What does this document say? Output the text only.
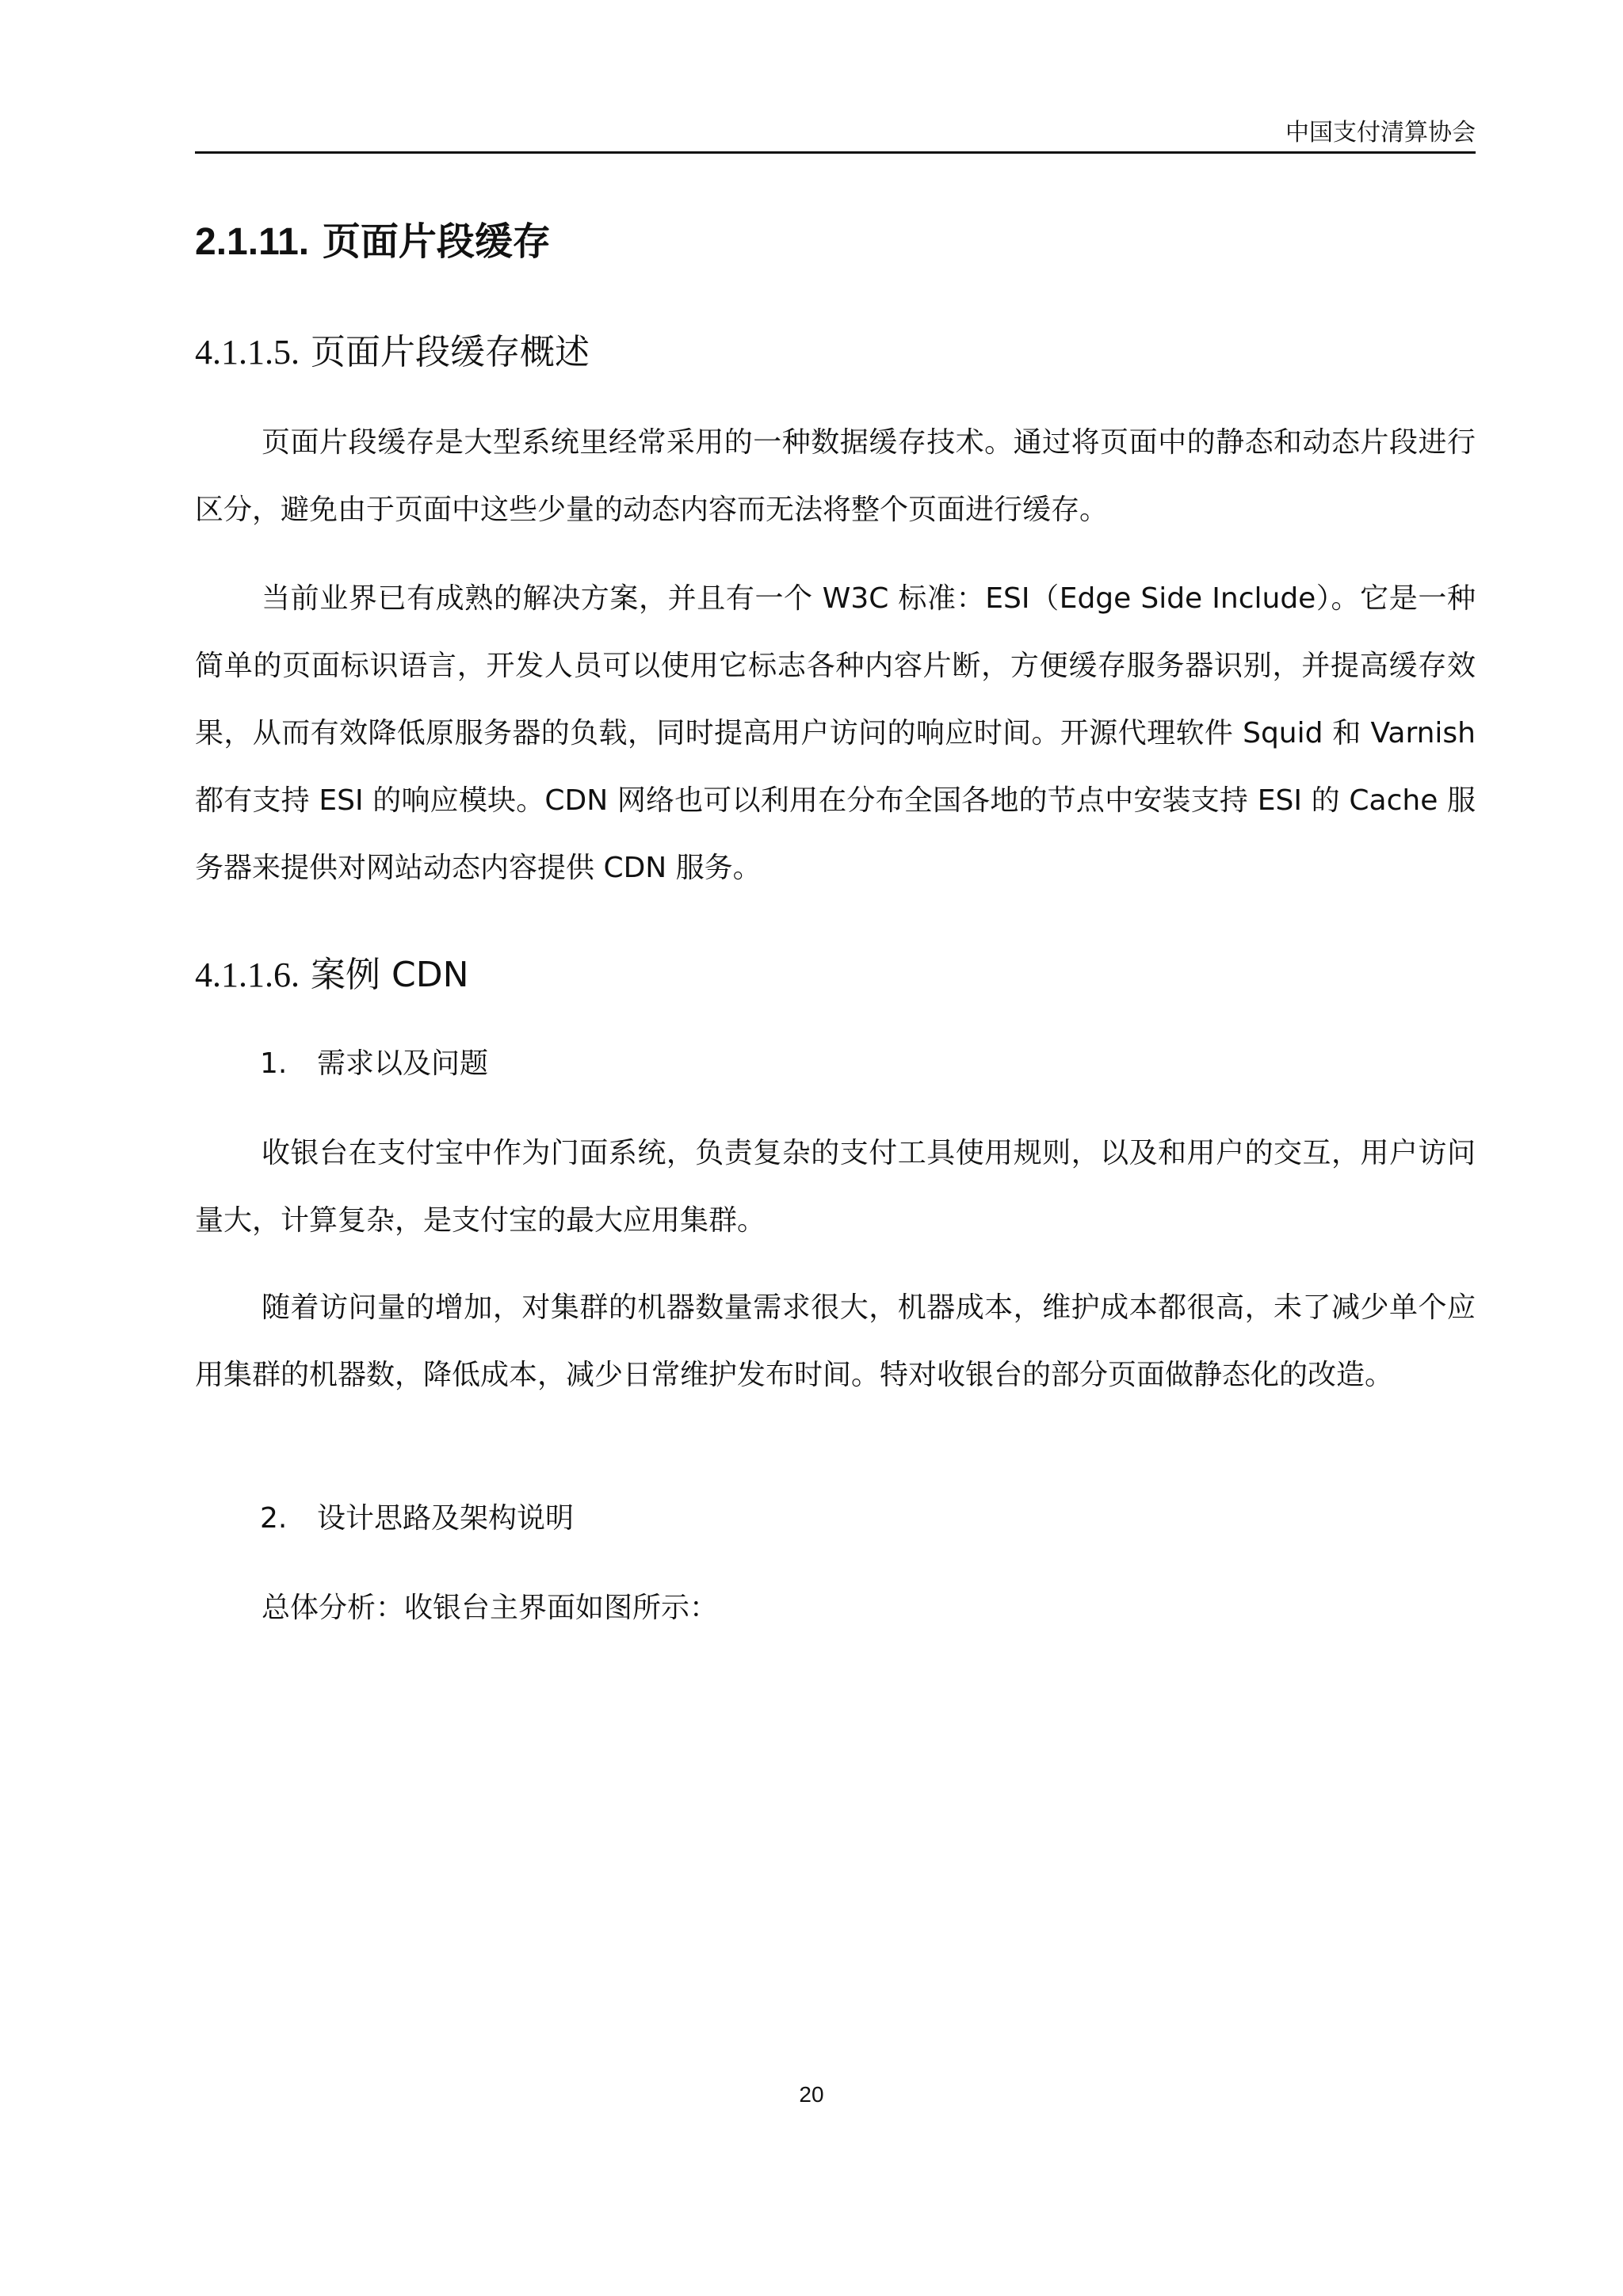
中国支付清算协会
2.1.11. 页面片段缓存
4.1.1.5. 页面片段缓存概述

页面片段缓存是大型系统里经常采用的一种数据缓存技术。通过将页面中的静态和动态片段进行区分，避免由于页面中这些少量的动态内容而无法将整个页面进行缓存。

当前业界已有成熟的解决方案，并且有一个 W3C 标准：ESI（Edge Side Include）。它是一种简单的页面标识语言，开发人员可以使用它标志各种内容片断，方便缓存服务器识别，并提高缓存效果，从而有效降低原服务器的负载，同时提高用户访问的响应时间。开源代理软件 Squid 和 Varnish 都有支持 ESI 的响应模块。CDN 网络也可以利用在分布全国各地的节点中安装支持 ESI 的 Cache 服务器来提供对网站动态内容提供 CDN 服务。

4.1.1.6. 案例 CDN
1. 需求以及问题

收银台在支付宝中作为门面系统，负责复杂的支付工具使用规则，以及和用户的交互，用户访问量大，计算复杂，是支付宝的最大应用集群。

随着访问量的增加，对集群的机器数量需求很大，机器成本，维护成本都很高，未了减少单个应用集群的机器数，降低成本，减少日常维护发布时间。特对收银台的部分页面做静态化的改造。

2. 设计思路及架构说明

总体分析：收银台主界面如图所示：

20
